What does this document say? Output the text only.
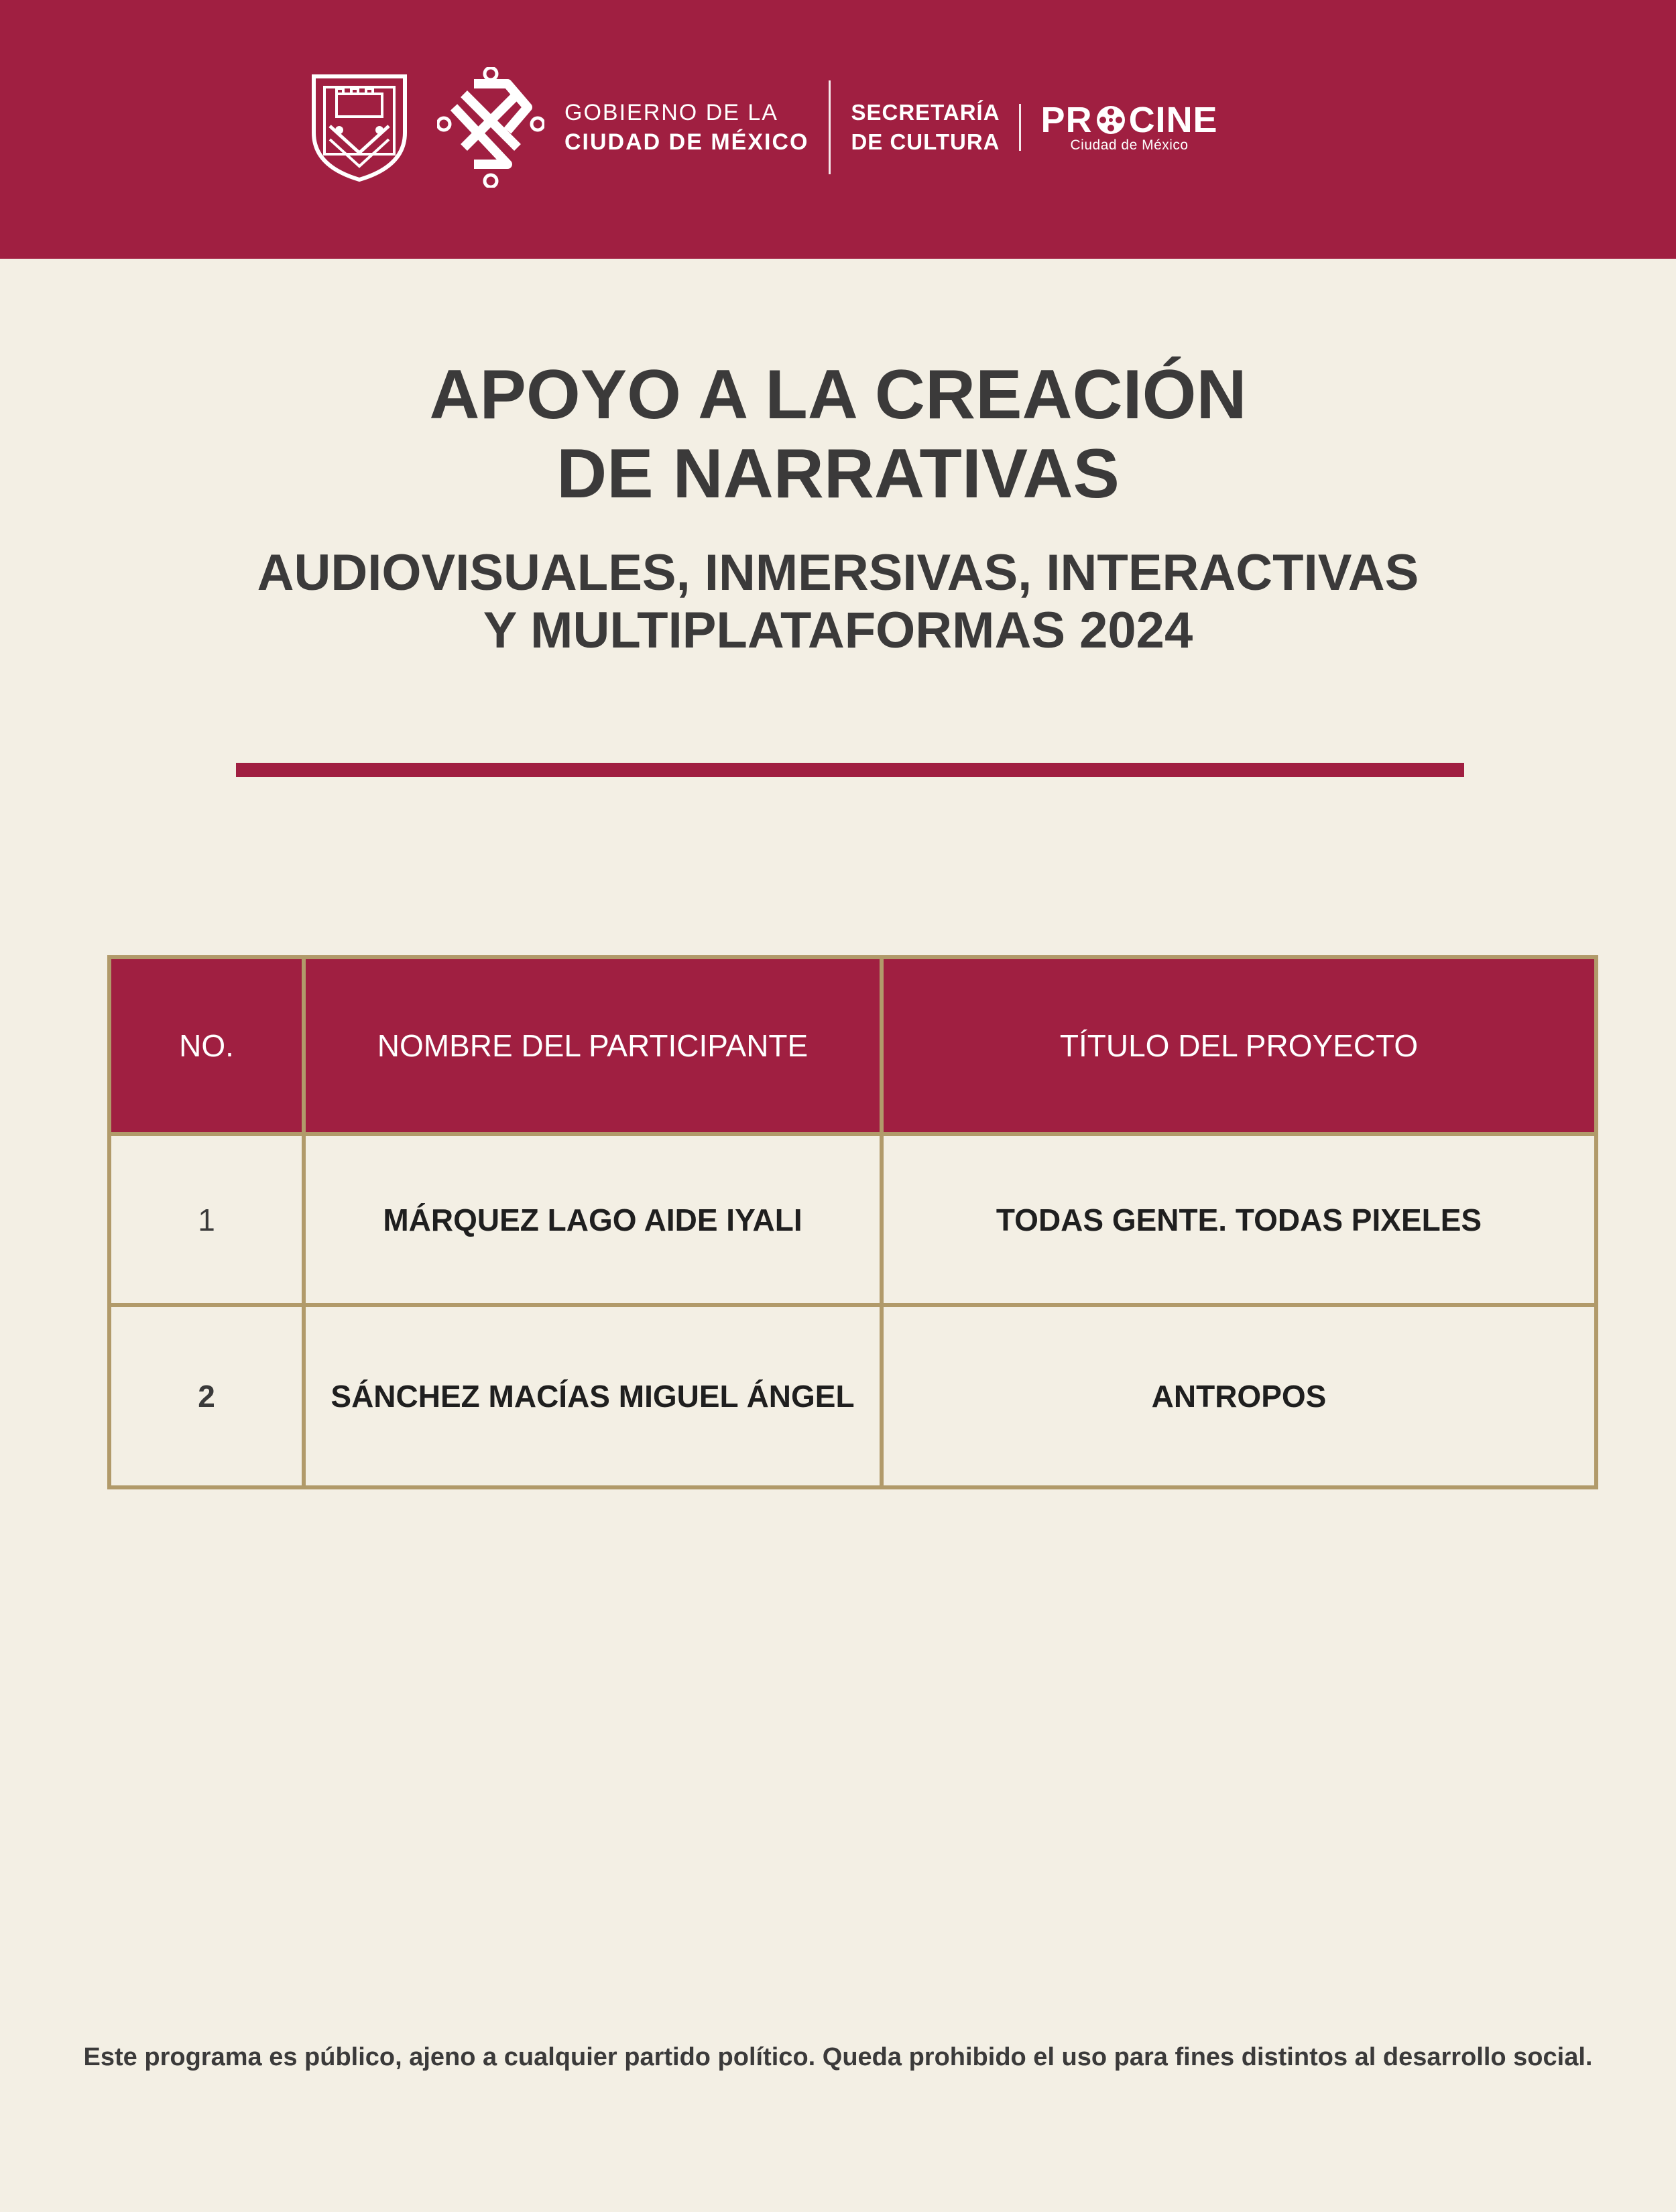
GOBIERNO DE LA
CIUDAD DE MÉXICO
SECRETARÍA
DE CULTURA
PR CINE
Ciudad de México
APOYO A LA CREACIÓN
DE NARRATIVAS
AUDIOVISUALES, INMERSIVAS, INTERACTIVAS
Y MULTIPLATAFORMAS 2024
NO.	NOMBRE DEL PARTICIPANTE	TÍTULO DEL PROYECTO
1	MÁRQUEZ LAGO AIDE IYALI	TODAS GENTE. TODAS PIXELES
2	SÁNCHEZ MACÍAS MIGUEL ÁNGEL	ANTROPOS
Este programa es público, ajeno a cualquier partido político. Queda prohibido el uso para fines distintos al desarrollo social.
